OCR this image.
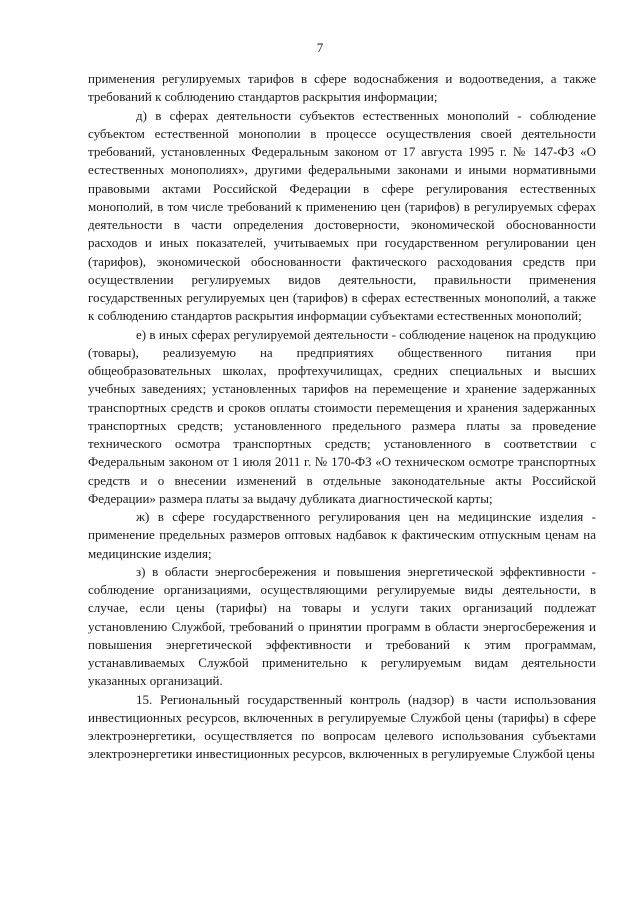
7

применения регулируемых тарифов в сфере водоснабжения и водоотведения, а также требований к соблюдению стандартов раскрытия информации;

д) в сферах деятельности субъектов естественных монополий - соблюдение субъектом естественной монополии в процессе осуществления своей деятельности требований, установленных Федеральным законом от 17 августа 1995 г. № 147-ФЗ «О естественных монополиях», другими федеральными законами и иными нормативными правовыми актами Российской Федерации в сфере регулирования естественных монополий, в том числе требований к применению цен (тарифов) в регулируемых сферах деятельности в части определения достоверности, экономической обоснованности расходов и иных показателей, учитываемых при государственном регулировании цен (тарифов), экономической обоснованности фактического расходования средств при осуществлении регулируемых видов деятельности, правильности применения государственных регулируемых цен (тарифов) в сферах естественных монополий, а также к соблюдению стандартов раскрытия информации субъектами естественных монополий;

е) в иных сферах регулируемой деятельности - соблюдение наценок на продукцию (товары), реализуемую на предприятиях общественного питания при общеобразовательных школах, профтехучилищах, средних специальных и высших учебных заведениях; установленных тарифов на перемещение и хранение задержанных транспортных средств и сроков оплаты стоимости перемещения и хранения задержанных транспортных средств; установленного предельного размера платы за проведение технического осмотра транспортных средств; установленного в соответствии с Федеральным законом от 1 июля 2011 г. № 170-ФЗ «О техническом осмотре транспортных средств и о внесении изменений в отдельные законодательные акты Российской Федерации» размера платы за выдачу дубликата диагностической карты;

ж) в сфере государственного регулирования цен на медицинские изделия - применение предельных размеров оптовых надбавок к фактическим отпускным ценам на медицинские изделия;

з) в области энергосбережения и повышения энергетической эффективности - соблюдение организациями, осуществляющими регулируемые виды деятельности, в случае, если цены (тарифы) на товары и услуги таких организаций подлежат установлению Службой, требований о принятии программ в области энергосбережения и повышения энергетической эффективности и требований к этим программам, устанавливаемых Службой применительно к регулируемым видам деятельности указанных организаций.

15. Региональный государственный контроль (надзор) в части использования инвестиционных ресурсов, включенных в регулируемые Службой цены (тарифы) в сфере электроэнергетики, осуществляется по вопросам целевого использования субъектами электроэнергетики инвестиционных ресурсов, включенных в регулируемые Службой цены
